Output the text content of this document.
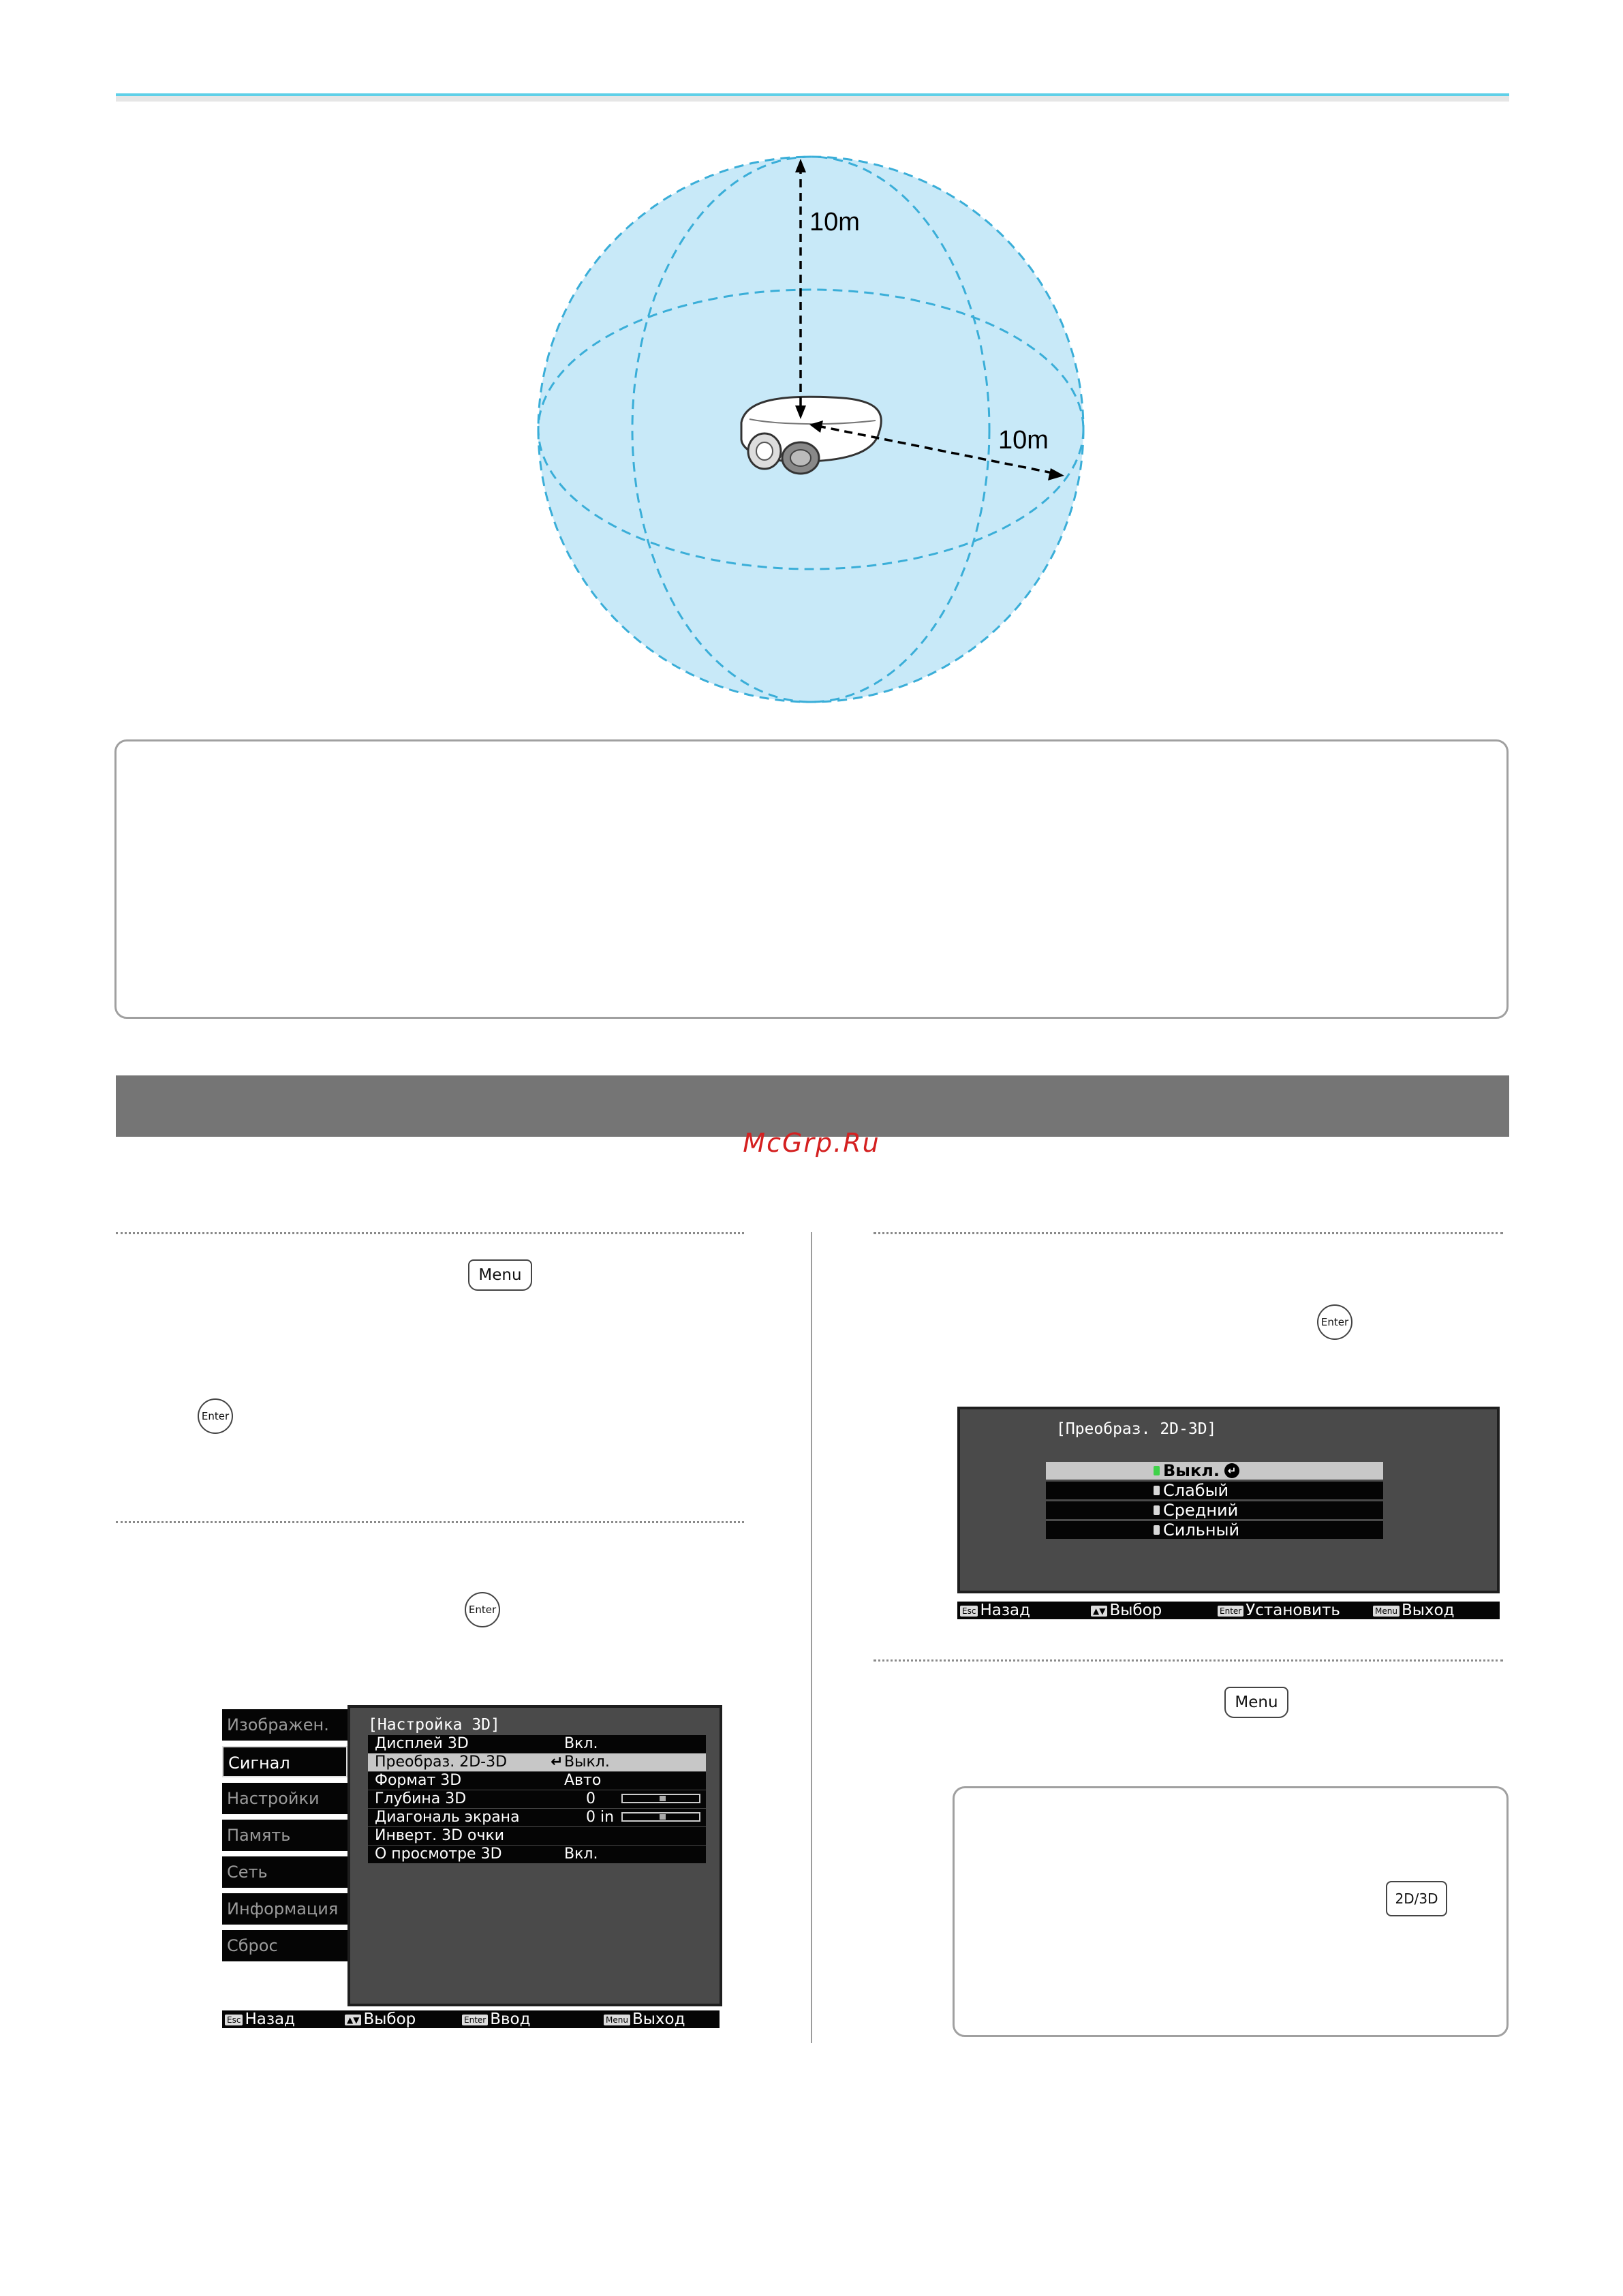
10m
10m
McGrp.Ru
Menu
Enter
Enter
Изображен.
Сигнал
Настройки
Память
Сеть
Информация
Сброс
[Настройка 3D]
Дисплей 3D	Вкл.
Преобраз. 2D-3D	↵ Выкл.
Формат 3D	Авто
Глубина 3D	0
Диагональ экрана	0 in
Инверт. 3D очки
О просмотре 3D	Вкл.
Esc Назад	▲▼ Выбор	Enter Ввод	Menu Выход
Enter
[Преобраз. 2D-3D]
Выкл. ↵
Слабый
Средний
Сильный
Esc Назад	▲▼ Выбор	Enter Установить	Menu Выход
Menu
2D/3D
